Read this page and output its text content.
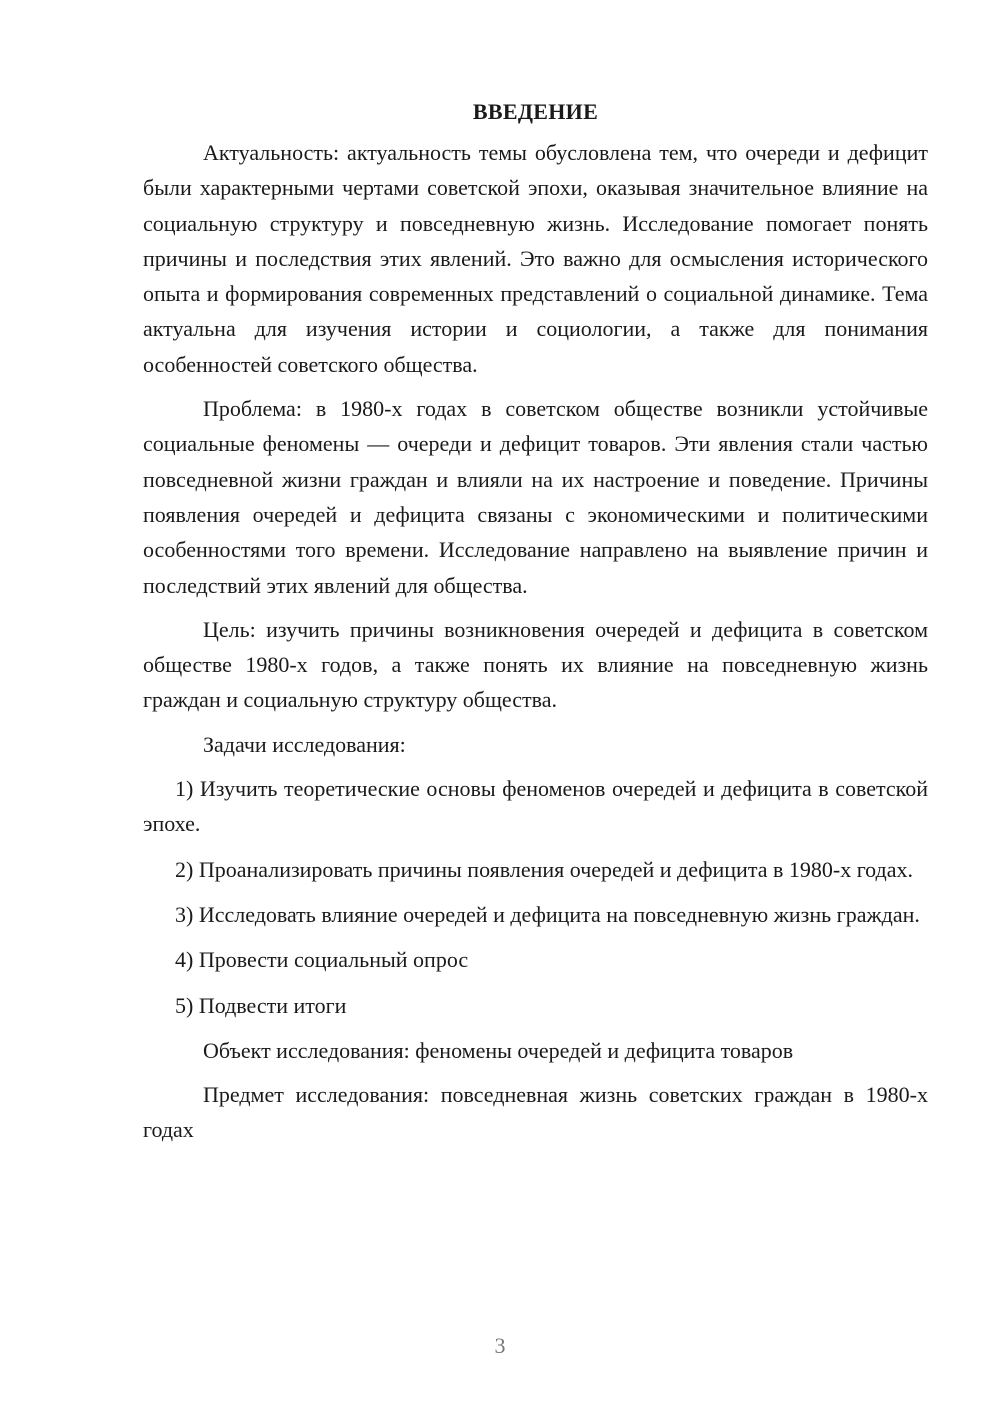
ВВЕДЕНИЕ

Актуальность: актуальность темы обусловлена тем, что очереди и дефицит были характерными чертами советской эпохи, оказывая значительное влияние на социальную структуру и повседневную жизнь. Исследование помогает понять причины и последствия этих явлений. Это важно для осмысления исторического опыта и формирования современных представлений о социальной динамике. Тема актуальна для изучения истории и социологии, а также для понимания особенностей советского общества.

Проблема: в 1980-х годах в советском обществе возникли устойчивые социальные феномены — очереди и дефицит товаров. Эти явления стали частью повседневной жизни граждан и влияли на их настроение и поведение. Причины появления очередей и дефицита связаны с экономическими и политическими особенностями того времени. Исследование направлено на выявление причин и последствий этих явлений для общества.

Цель: изучить причины возникновения очередей и дефицита в советском обществе 1980-х годов, а также понять их влияние на повседневную жизнь граждан и социальную структуру общества.

Задачи исследования:

1) Изучить теоретические основы феноменов очередей и дефицита в советской эпохе.

2) Проанализировать причины появления очередей и дефицита в 1980-х годах.

3) Исследовать влияние очередей и дефицита на повседневную жизнь граждан.

4) Провести социальный опрос

5) Подвести итоги

Объект исследования: феномены очередей и дефицита товаров

Предмет исследования: повседневная жизнь советских граждан в 1980-х годах

3
